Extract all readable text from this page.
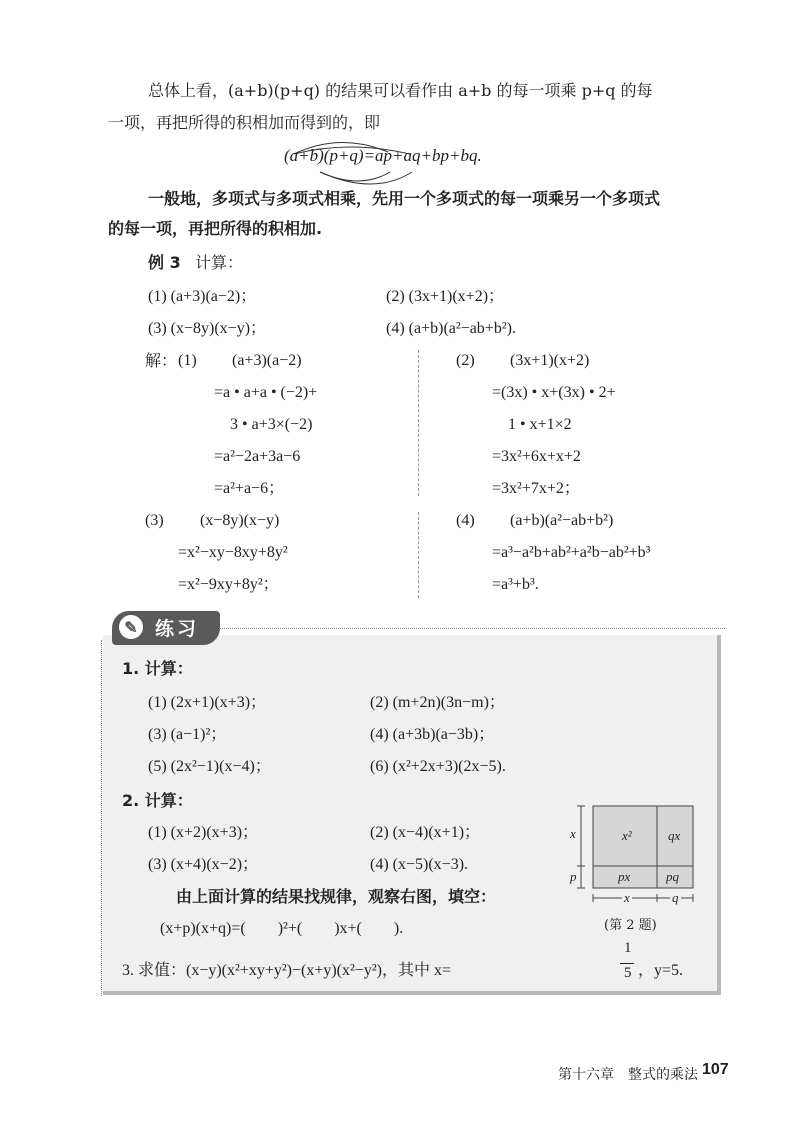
总体上看，(a+b)(p+q) 的结果可以看作由 a+b 的每一项乘 p+q 的每
一项，再把所得的积相加而得到的，即
(a+b)(p+q)=ap+aq+bp+bq.
一般地，多项式与多项式相乘，先用一个多项式的每一项乘另一个多项式
的每一项，再把所得的积相加.
例 3 计算：
(1) (a+3)(a−2)；	(2) (3x+1)(x+2)；
(3) (x−8y)(x−y)；	(4) (a+b)(a²−ab+b²).
解： (1) (a+3)(a−2)
=a • a+a • (−2)+
3 • a+3×(−2)
=a²−2a+3a−6
=a²+a−6；
(2) (3x+1)(x+2)
=(3x) • x+(3x) • 2+
1 • x+1×2
=3x²+6x+x+2
=3x²+7x+2；
(3) (x−8y)(x−y)
=x²−xy−8xy+8y²
=x²−9xy+8y²；
(4) (a+b)(a²−ab+b²)
=a³−a²b+ab²+a²b−ab²+b³
=a³+b³.
✎ 练习
1. 计算：
(1) (2x+1)(x+3)；	(2) (m+2n)(3n−m)；
(3) (a−1)²；	(4) (a+3b)(a−3b)；
(5) (2x²−1)(x−4)；	(6) (x²+2x+3)(2x−5).
2. 计算：
(1) (x+2)(x+3)；	(2) (x−4)(x+1)；
(3) (x+4)(x−2)；	(4) (x−5)(x−3).
由上面计算的结果找规律，观察右图，填空：
(x+p)(x+q)=(　　)²+(　　)x+(　　).
x²	qx
px	pq
x
p
x	q
(第 2 题)
3. 求值：(x−y)(x²+xy+y²)−(x+y)(x²−y²)，其中 x=
1
5 ，y=5.
第十六章　整式的乘法 107
